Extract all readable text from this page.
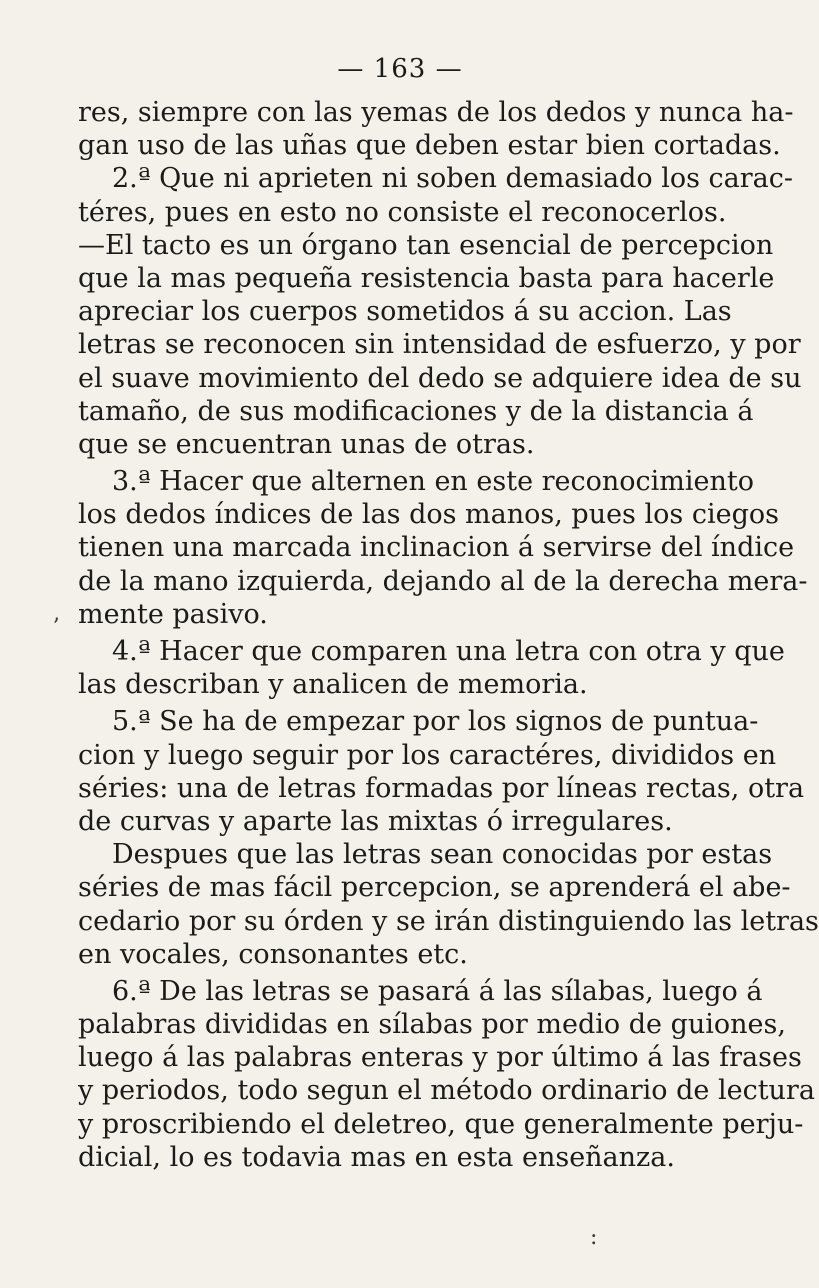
— 163 —
res, siempre con las yemas de los dedos y nunca ha-
gan uso de las uñas que deben estar bien cortadas.
2.ª Que ni aprieten ni soben demasiado los carac-
téres, pues en esto no consiste el reconocerlos.
—El tacto es un órgano tan esencial de percepcion
que la mas pequeña resistencia basta para hacerle
apreciar los cuerpos sometidos á su accion. Las
letras se reconocen sin intensidad de esfuerzo, y por
el suave movimiento del dedo se adquiere idea de su
tamaño, de sus modificaciones y de la distancia á
que se encuentran unas de otras.
3.ª Hacer que alternen en este reconocimiento
los dedos índices de las dos manos, pues los ciegos
tienen una marcada inclinacion á servirse del índice
de la mano izquierda, dejando al de la derecha mera-
mente pasivo.
4.ª Hacer que comparen una letra con otra y que
las describan y analicen de memoria.
5.ª Se ha de empezar por los signos de puntua-
cion y luego seguir por los caractéres, divididos en
séries: una de letras formadas por líneas rectas, otra
de curvas y aparte las mixtas ó irregulares.
Despues que las letras sean conocidas por estas
séries de mas fácil percepcion, se aprenderá el abe-
cedario por su órden y se irán distinguiendo las letras
en vocales, consonantes etc.
6.ª De las letras se pasará á las sílabas, luego á
palabras divididas en sílabas por medio de guiones,
luego á las palabras enteras y por último á las frases
y periodos, todo segun el método ordinario de lectura
y proscribiendo el deletreo, que generalmente perju-
dicial, lo es todavia mas en esta enseñanza.
ʼ
:
